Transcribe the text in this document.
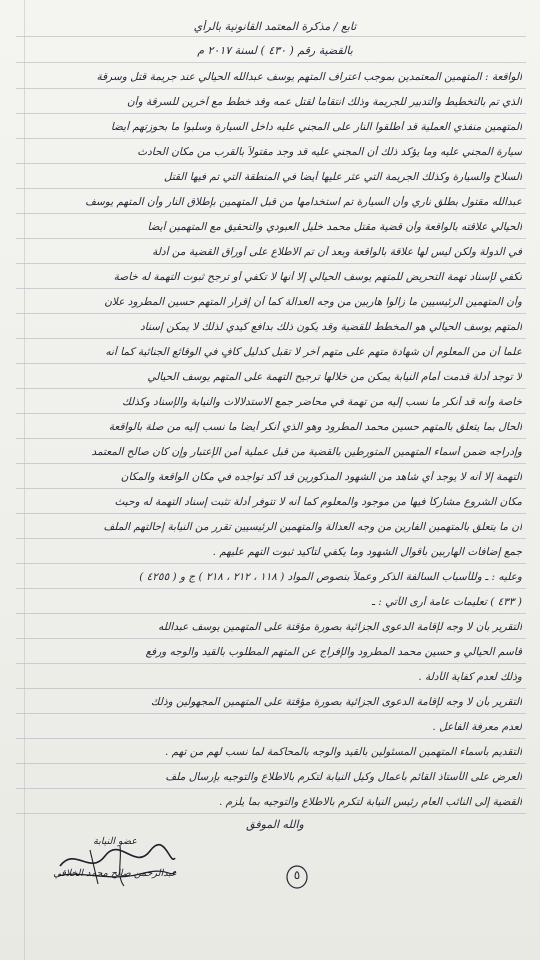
تابع / مذكرة المعتمد القانونية بالرأي
بالقضية رقم ( ٤٣٠ ) لسنة ٢٠١٧ م
الواقعة : المتهمين المعتمدين بموجب اعتراف المتهم يوسف عبدالله الحيالي عند جريمة قتل وسرقة
الذي تم بالتخطيط والتدبير للجريمة وذلك انتقاماً لقتل عمه وقد خطط مع آخرين للسرقة وأن
المتهمين منفذي العملية قد أطلقوا النار على المجني عليه داخل السيارة وسلبوا ما بحوزتهم أيضاً
سيارة المجني عليه وما يؤكد ذلك أن المجني عليه قد وجد مقتولاً بالقرب من مكان الحادث
السلاح والسيارة وكذلك الجريمة التي عثر عليها أيضاً في المنطقة التي تم فيها القتل
عبدالله مقتول بطلق ناري وأن السيارة تم استخدامها من قبل المتهمين بإطلاق النار وأن المتهم يوسف
الحيالي علاقته بالواقعة وأن قضية مقتل محمد خليل العبودي والتحقيق مع المتهمين أيضاً
في الدولة ولكن ليس لها علاقة بالواقعة وبعد أن تم الاطلاع على أوراق القضية من أدلة
تكفي لإسناد تهمة التحريض للمتهم يوسف الحيالي إلا أنها لا تكفي أو ترجح ثبوت التهمة له خاصة
وأن المتهمين الرئيسيين ما زالوا هاربين من وجه العدالة كما أن إقرار المتهم حسين المطرود علان
المتهم يوسف الحيالي هو المخطط للقضية وقد يكون ذلك بدافع كيدي لذلك لا يمكن إسناد
علماً أن من المعلوم أن شهادة متهم على متهم آخر لا تقبل كدليل كافٍ في الوقائع الجنائية كما أنه
لا توجد أدلة قدمت أمام النيابة يمكن من خلالها ترجيح التهمة على المتهم يوسف الحيالي
خاصة وأنه قد أنكر ما نسب إليه من تهمة في محاضر جمع الاستدلالات والنيابة والإسناد وكذلك
الحال بما يتعلق بالمتهم حسين محمد المطرود وهو الذي أنكر أيضاً ما نسب إليه من صلة بالواقعة
وإدراجه ضمن أسماء المتهمين المتورطين بالقضية من قبل عملية أمن الإعتبار وإن كان صالح المعتمد
التهمة إلا أنه لا يوجد أي شاهد من الشهود المذكورين قد أكد تواجده في مكان الواقعة والمكان
مكان الشروع مشاركاً فيها من موجود والمعلوم كما أنه لا تتوفر أدلة تثبت إسناد التهمة له وحيث
أن ما يتعلق بالمتهمين الفارين من وجه العدالة والمتهمين الرئيسيين تقرر من النيابة إحالتهم الملف
جمع إضافات الهاربين بأقوال الشهود وما يكفي لتأكيد ثبوت التهم عليهم .
وعليه : ـ وللأسباب السالفة الذكر وعملاً بنصوص المواد ( ١١٨ ، ٢١٢ ، ٢١٨ ) ج و ( ٤٢٥٥ )
( ٤٣٣ ) تعليمات عامة أرى الآتي : ـ
التقرير بأن لا وجه لإقامة الدعوى الجزائية بصورة مؤقتة على المتهمين يوسف عبدالله
قاسم الحيالي و حسين محمد المطرود والإفراج عن المتهم المطلوب بالقيد والوجه ورفع
وذلك لعدم كفاية الأدلة .
التقرير بأن لا وجه لإقامة الدعوى الجزائية بصورة مؤقتة على المتهمين المجهولين وذلك
لعدم معرفة الفاعل .
التقديم بأسماء المتهمين المسئولين بالقيد والوجه بالمحاكمة لما نسب لهم من تهم .
العرض على الأستاذ القائم بأعمال وكيل النيابة لتكرم بالاطلاع والتوجيه بإرسال ملف
القضية إلى النائب العام رئيس النيابة لتكرم بالاطلاع والتوجيه بما يلزم .
والله الموفق
عضو النيابة
عبدالرحمن صالح محمد الخلاقي	٥
